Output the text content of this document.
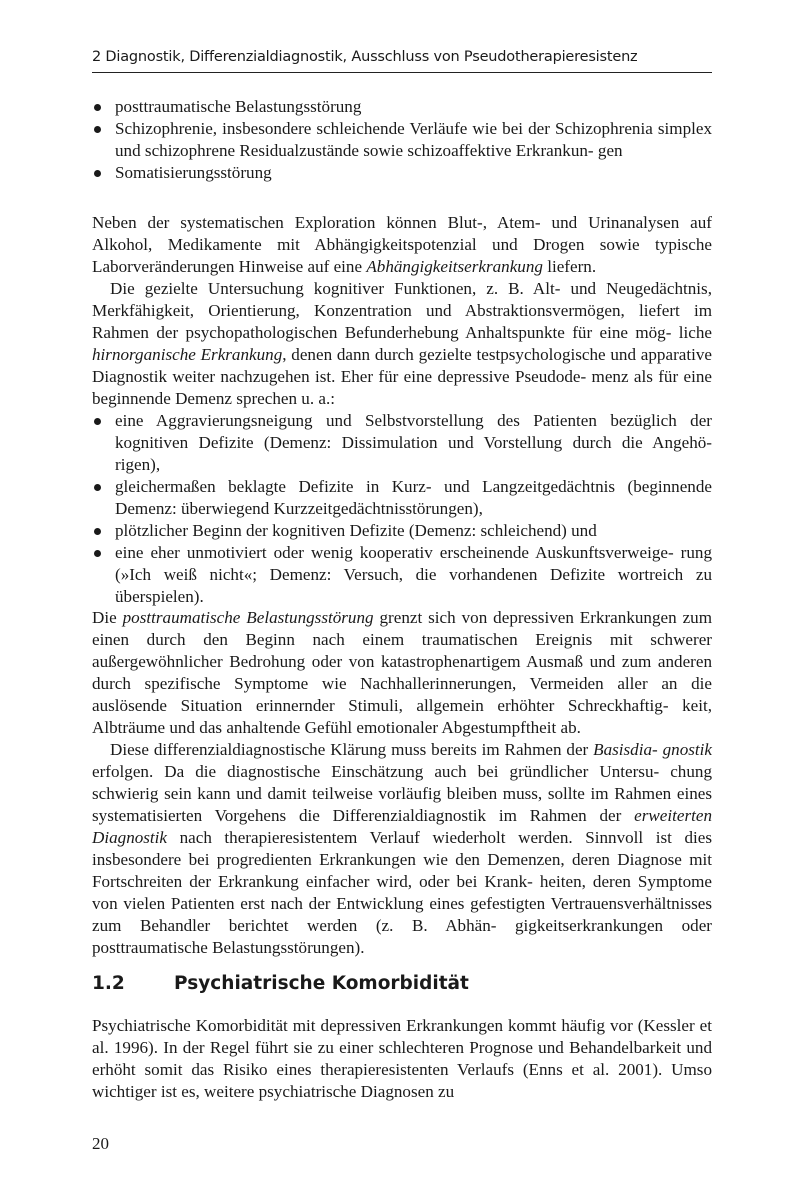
2 Diagnostik, Differenzialdiagnostik, Ausschluss von Pseudotherapieresistenz
posttraumatische Belastungsstörung
Schizophrenie, insbesondere schleichende Verläufe wie bei der Schizophrenia simplex und schizophrene Residualzustände sowie schizoaffektive Erkrankun- gen
Somatisierungsstörung

Neben der systematischen Exploration können Blut-, Atem- und Urinanalysen auf Alkohol, Medikamente mit Abhängigkeitspotenzial und Drogen sowie typische Laborveränderungen Hinweise auf eine Abhängigkeitserkrankung liefern.

Die gezielte Untersuchung kognitiver Funktionen, z. B. Alt- und Neugedächtnis, Merkfähigkeit, Orientierung, Konzentration und Abstraktionsvermögen, liefert im Rahmen der psychopathologischen Befunderhebung Anhaltspunkte für eine mög- liche hirnorganische Erkrankung, denen dann durch gezielte testpsychologische und apparative Diagnostik weiter nachzugehen ist. Eher für eine depressive Pseudode- menz als für eine beginnende Demenz sprechen u. a.:

eine Aggravierungsneigung und Selbstvorstellung des Patienten bezüglich der kognitiven Defizite (Demenz: Dissimulation und Vorstellung durch die Angehö- rigen),
gleichermaßen beklagte Defizite in Kurz- und Langzeitgedächtnis (beginnende Demenz: überwiegend Kurzzeitgedächtnisstörungen),
plötzlicher Beginn der kognitiven Defizite (Demenz: schleichend) und
eine eher unmotiviert oder wenig kooperativ erscheinende Auskunftsverweige- rung (»Ich weiß nicht«; Demenz: Versuch, die vorhandenen Defizite wortreich zu überspielen).

Die posttraumatische Belastungsstörung grenzt sich von depressiven Erkrankungen zum einen durch den Beginn nach einem traumatischen Ereignis mit schwerer außergewöhnlicher Bedrohung oder von katastrophenartigem Ausmaß und zum anderen durch spezifische Symptome wie Nachhallerinnerungen, Vermeiden aller an die auslösende Situation erinnernder Stimuli, allgemein erhöhter Schreckhaftig- keit, Albträume und das anhaltende Gefühl emotionaler Abgestumpftheit ab.

Diese differenzialdiagnostische Klärung muss bereits im Rahmen der Basisdia- gnostik erfolgen. Da die diagnostische Einschätzung auch bei gründlicher Untersu- chung schwierig sein kann und damit teilweise vorläufig bleiben muss, sollte im Rahmen eines systematisierten Vorgehens die Differenzialdiagnostik im Rahmen der erweiterten Diagnostik nach therapieresistentem Verlauf wiederholt werden. Sinnvoll ist dies insbesondere bei progredienten Erkrankungen wie den Demenzen, deren Diagnose mit Fortschreiten der Erkrankung einfacher wird, oder bei Krank- heiten, deren Symptome von vielen Patienten erst nach der Entwicklung eines gefestigten Vertrauensverhältnisses zum Behandler berichtet werden (z. B. Abhän- gigkeitserkrankungen oder posttraumatische Belastungsstörungen).

1.2	Psychiatrische Komorbidität

Psychiatrische Komorbidität mit depressiven Erkrankungen kommt häufig vor (Kessler et al. 1996). In der Regel führt sie zu einer schlechteren Prognose und Behandelbarkeit und erhöht somit das Risiko eines therapieresistenten Verlaufs (Enns et al. 2001). Umso wichtiger ist es, weitere psychiatrische Diagnosen zu

20
